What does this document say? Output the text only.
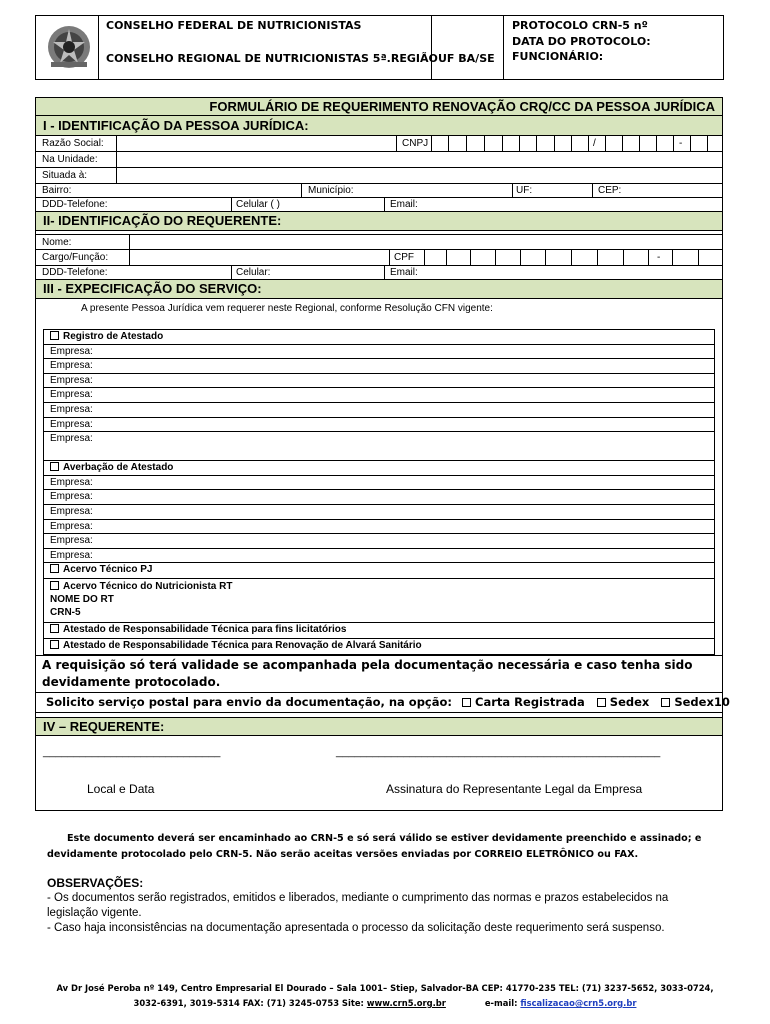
CONSELHO FEDERAL DE NUTRICIONISTAS
CONSELHO REGIONAL DE NUTRICIONISTAS 5ª.REGIÃO UF BA/SE
PROTOCOLO CRN-5 nº
DATA DO PROTOCOLO:
FUNCIONÁRIO:
FORMULÁRIO DE REQUERIMENTO RENOVAÇÃO CRQ/CC DA PESSOA JURÍDICA
I - IDENTIFICAÇÃO DA PESSOA JURÍDICA:
Razão Social:	CNPJ	/	-
Na Unidade:
Situada à:
Bairro:	Município:	UF:	CEP:
DDD-Telefone:	Celular ( )	Email:
II- IDENTIFICAÇÃO DO REQUERENTE:
Nome:
Cargo/Função:	CPF	-
DDD-Telefone:	Celular:	Email:
III - EXPECIFICAÇÃO DO SERVIÇO:
A presente Pessoa Jurídica vem requerer neste Regional, conforme Resolução CFN vigente:
Registro de Atestado
Empresa:
Empresa:
Empresa:
Empresa:
Empresa:
Empresa:
Empresa:
Averbação de Atestado
Empresa:
Empresa:
Empresa:
Empresa:
Empresa:
Empresa:
Acervo Técnico PJ
Acervo Técnico do Nutricionista RT
NOME DO RT
CRN-5
Atestado de Responsabilidade Técnica para fins licitatórios
Atestado de Responsabilidade Técnica para Renovação de Alvará Sanitário
A requisição só terá validade se acompanhada pela documentação necessária e caso tenha sido devidamente protocolado.
Solicito serviço postal para envio da documentação, na opção: Carta Registrada Sedex Sedex10
IV – REQUERENTE:
_____________________________	_____________________________________________________
Local e Data	Assinatura do Representante Legal da Empresa
Este documento deverá ser encaminhado ao CRN-5 e só será válido se estiver devidamente preenchido e assinado; e devidamente protocolado pelo CRN-5. Não serão aceitas versões enviadas por CORREIO ELETRÔNICO ou FAX.
OBSERVAÇÕES:
- Os documentos serão registrados, emitidos e liberados, mediante o cumprimento das normas e prazos estabelecidos na legislação vigente.
- Caso haja inconsistências na documentação apresentada o processo da solicitação deste requerimento será suspenso.
Av Dr José Peroba nº 149, Centro Empresarial El Dourado – Sala 1001– Stiep, Salvador-BA CEP: 41770-235 TEL: (71) 3237-5652, 3033-0724,
3032-6391, 3019-5314 FAX: (71) 3245-0753 Site: www.crn5.org.br	e-mail: fiscalizacao@crn5.org.br
